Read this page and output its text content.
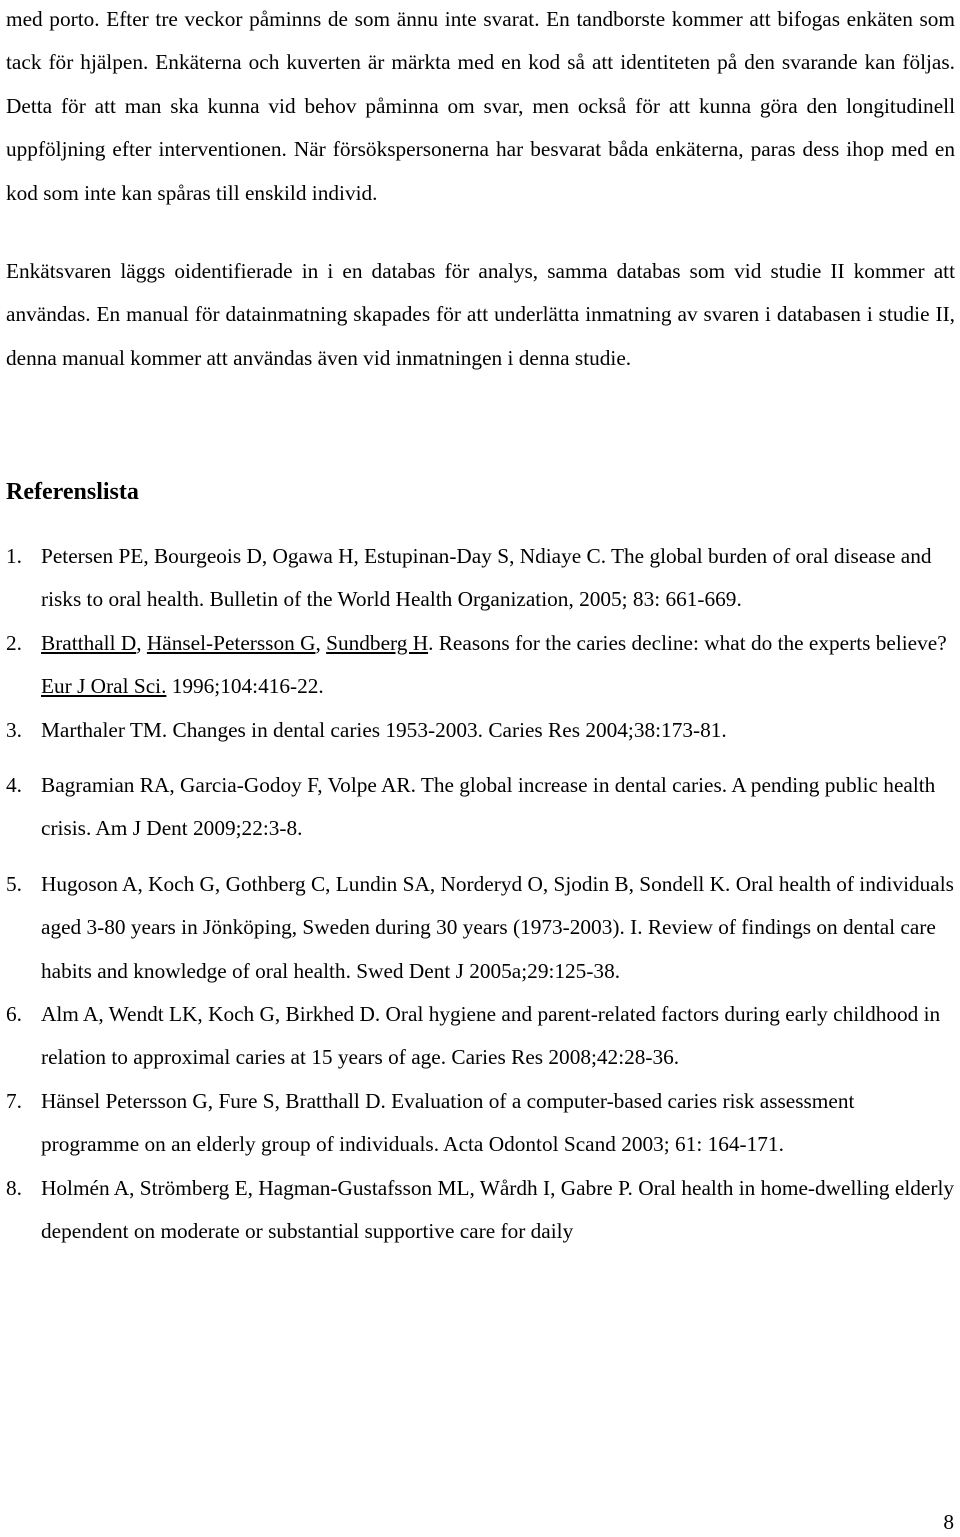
med porto. Efter tre veckor påminns de som ännu inte svarat. En tandborste kommer att bifogas enkäten som tack för hjälpen. Enkäterna och kuverten är märkta med en kod så att identiteten på den svarande kan följas. Detta för att man ska kunna vid behov påminna om svar, men också för att kunna göra den longitudinell uppföljning efter interventionen. När försökspersonerna har besvarat båda enkäterna, paras dess ihop med en kod som inte kan spåras till enskild individ.

Enkätsvaren läggs oidentifierade in i en databas för analys, samma databas som vid studie II kommer att användas. En manual för datainmatning skapades för att underlätta inmatning av svaren i databasen i studie II, denna manual kommer att användas även vid inmatningen i denna studie.

Referenslista
1. Petersen PE, Bourgeois D, Ogawa H, Estupinan-Day S, Ndiaye C. The global burden of oral disease and risks to oral health. Bulletin of the World Health Organization, 2005; 83: 661-669.
2. Bratthall D, Hänsel-Petersson G, Sundberg H. Reasons for the caries decline: what do the experts believe? Eur J Oral Sci. 1996;104:416-22.
3. Marthaler TM. Changes in dental caries 1953-2003. Caries Res 2004;38:173-81.
4. Bagramian RA, Garcia-Godoy F, Volpe AR. The global increase in dental caries. A pending public health crisis. Am J Dent 2009;22:3-8.
5. Hugoson A, Koch G, Gothberg C, Lundin SA, Norderyd O, Sjodin B, Sondell K. Oral health of individuals aged 3-80 years in Jönköping, Sweden during 30 years (1973-2003). I. Review of findings on dental care habits and knowledge of oral health. Swed Dent J 2005a;29:125-38.
6. Alm A, Wendt LK, Koch G, Birkhed D. Oral hygiene and parent-related factors during early childhood in relation to approximal caries at 15 years of age. Caries Res 2008;42:28-36.
7. Hänsel Petersson G, Fure S, Bratthall D. Evaluation of a computer-based caries risk assessment programme on an elderly group of individuals. Acta Odontol Scand 2003; 61: 164-171.
8. Holmén A, Strömberg E, Hagman-Gustafsson ML, Wårdh I, Gabre P. Oral health in home-dwelling elderly dependent on moderate or substantial supportive care for daily
8
